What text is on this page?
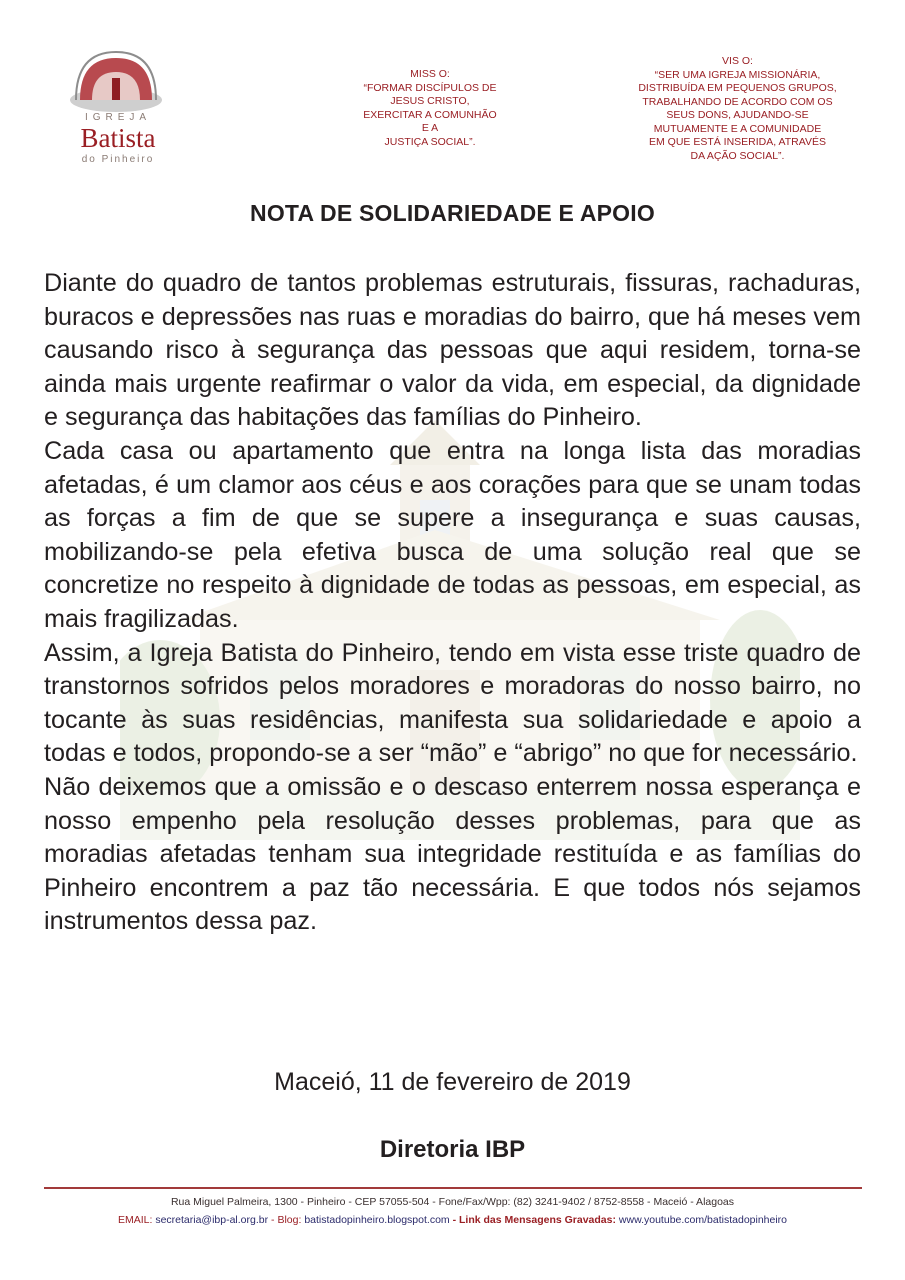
IGREJA
Batista
do Pinheiro
MISS O:
“FORMAR DISCÍPULOS DE
JESUS CRISTO,
EXERCITAR A COMUNHÃO
E A
JUSTIÇA SOCIAL”.
VIS O:
“SER UMA IGREJA MISSIONÁRIA,
DISTRIBUÍDA EM PEQUENOS GRUPOS,
TRABALHANDO DE ACORDO COM OS
SEUS DONS, AJUDANDO-SE
MUTUAMENTE E A COMUNIDADE
EM QUE ESTÁ INSERIDA, ATRAVÉS
DA AÇÃO SOCIAL”.
NOTA DE SOLIDARIEDADE E APOIO

Diante do quadro de tantos problemas estruturais, fissuras, rachaduras, buracos e depressões nas ruas e moradias do bairro, que há meses vem causando risco à segurança das pessoas que aqui residem, torna-se ainda mais urgente reafirmar o valor da vida, em especial, da dignidade e segurança das habitações das famílias do Pinheiro.

Cada casa ou apartamento que entra na longa lista das moradias afetadas, é um clamor aos céus e aos corações para que se unam todas as forças a fim de que se supere a insegurança e suas causas, mobilizando-se pela efetiva busca de uma solução real que se concretize no respeito à dignidade de todas as pessoas, em especial, as mais fragilizadas.

Assim, a Igreja Batista do Pinheiro, tendo em vista esse triste quadro de transtornos sofridos pelos moradores e moradoras do nosso bairro, no tocante às suas residências, manifesta sua solidariedade e apoio a todas e todos, propondo-se a ser “mão” e “abrigo” no que for necessário.

Não deixemos que a omissão e o descaso enterrem nossa esperança e nosso empenho pela resolução desses problemas, para que as moradias afetadas tenham sua integridade restituída e as famílias do Pinheiro encontrem a paz tão necessária. E que todos nós sejamos instrumentos dessa paz.

Maceió, 11 de fevereiro de 2019
Diretoria IBP
Rua Miguel Palmeira, 1300 - Pinheiro - CEP 57055-504 - Fone/Fax/Wpp: (82) 3241-9402 / 8752-8558 - Maceió - Alagoas
EMAIL: secretaria@ibp-al.org.br - Blog: batistadopinheiro.blogspot.com - Link das Mensagens Gravadas: www.youtube.com/batistadopinheiro
